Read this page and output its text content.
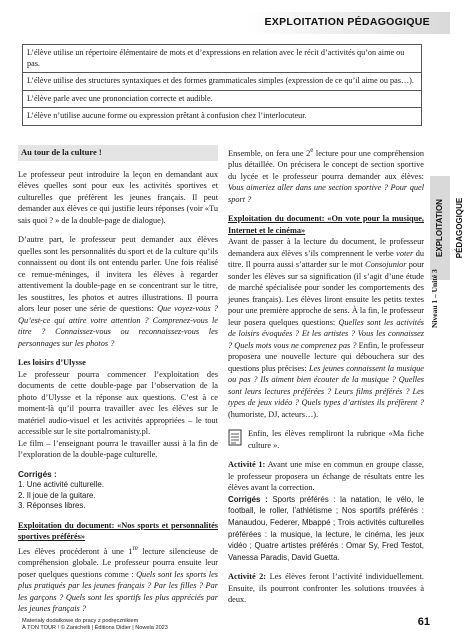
EXPLOITATION PÉDAGOGIQUE
L’élève utilise un répertoire élémentaire de mots et d’expressions en relation avec le récit d’activités qu’on aime ou pas.
L’élève utilise des structures syntaxiques et des formes grammaticales simples (expression de ce qu’il aime ou pas…).
L’élève parle avec une prononciation correcte et audible.
L’élève n’utilise aucune forme ou expression prêtant à confusion chez l’interlocuteur.
Au tour de la culture !
Le professeur peut introduire la leçon en demandant aux élèves quelles sont pour eux les activités sportives et culturelles que préfèrent les jeunes français. Il peut demander aux élèves ce qui justifie leurs réponses (voir «Tu sais quoi ? » de la double-page de dialogue).
D’autre part, le professeur peut demander aux élèves quelles sont les personnalités du sport et de la culture qu’ils connaissent ou dont ils ont entendu parler. Une fois réalisé ce remue-méninges, il invitera les élèves à regarder attentivement la double-page en se concentrant sur le titre, les soustitres, les photos et autres illustrations. Il pourra alors leur poser une série de questions: Que voyez-vous ? Qu’est-ce qui attire votre attention ? Comprenez-vous le titre ? Connaissez-vous ou reconnaissez-vous les personnages sur les photos ?
Les loisirs d’Ulysse
Le professeur pourra commencer l’exploitation des documents de cette double-page par l’observation de la photo d’Ulysse et la réponse aux questions. C’est à ce moment-là qu’il pourra travailler avec les élèves sur le matériel audio-visuel et les activités appropriées – le tout accessible sur le site portalromanisty.pl.
Le film – l’enseignant pourra le travailler aussi à la fin de l’exploration de la double-page culturelle.
Corrigés :
1. Une activité culturelle.
2. Il joue de la guitare.
3. Réponses libres.
Exploitation du document: «Nos sports et personnalités sportives préférés»
Les élèves procéderont à une 1re lecture silencieuse de compréhension globale. Le professeur pourra ensuite leur poser quelques questions comme : Quels sont les sports les plus pratiqués par les jeunes français ? Par les filles ? Par les garçons ? Quels sont les sportifs les plus appréciés par les jeunes français ?
Ensemble, on fera une 2e lecture pour une compréhension plus détaillée. On précisera le concept de section sportive du lycée et le professeur pourra demander aux élèves: Vous aimeriez aller dans une section sportive ? Pour quel sport ?
Exploitation du document: «On vote pour la musique, Internet et le cinéma»
Avant de passer à la lecture du document, le professeur demandera aux élèves s’ils comprennent le verbe voter du titre. Il pourra aussi s’attarder sur le mot Consojunior pour sonder les élèves sur sa signification (il s’agit d’une étude de marché spécialisée pour sonder les comportements des jeunes français). Les élèves liront ensuite les petits textes pour une première approche de sens. À la fin, le professeur leur posera quelques questions: Quelles sont les activités de loisirs évoquées ? Et les artistes ? Vous les connaissez ? Quels mots vous ne comprenez pas ? Enfin, le professeur proposera une nouvelle lecture qui débouchera sur des questions plus précises: Les jeunes connaissent la musique ou pas ? Ils aiment bien écouter de la musique ? Quelles sont leurs lectures préférées ? Leurs films préférés ? Les types de jeux vidéo ? Quels types d’artistes ils préfèrent ? (humoriste, DJ, acteurs…).
Enfin, les élèves rempliront la rubrique «Ma fiche culture ».
Activité 1: Avant une mise en commun en groupe classe, le professeur proposera un échange de résultats entre les élèves avant la correction.
Corrigés : Sports préférés : la natation, le vélo, le football, le roller, l’athlétisme ; Nos sportifs préférés : Manaudou, Federer, Mbappé ; Trois activités culturelles préférées : la musique, la lecture, le cinéma, les jeux vidéo ; Quatre artistes préférés : Omar Sy, Fred Testot, Vanessa Paradis, David Guetta.
Activité 2: Les élèves feront l’activité individuellement. Ensuite, ils pourront confronter les solutions trouvées à deux.
EXPLOITATION PÉDAGOGIQUE
Niveau 1 – Unité 3
Materiały dodatkowe do pracy z podręcznikiem
À TON TOUR ! © Zanichelli | Éditions Didier | Nowela 2023	61
